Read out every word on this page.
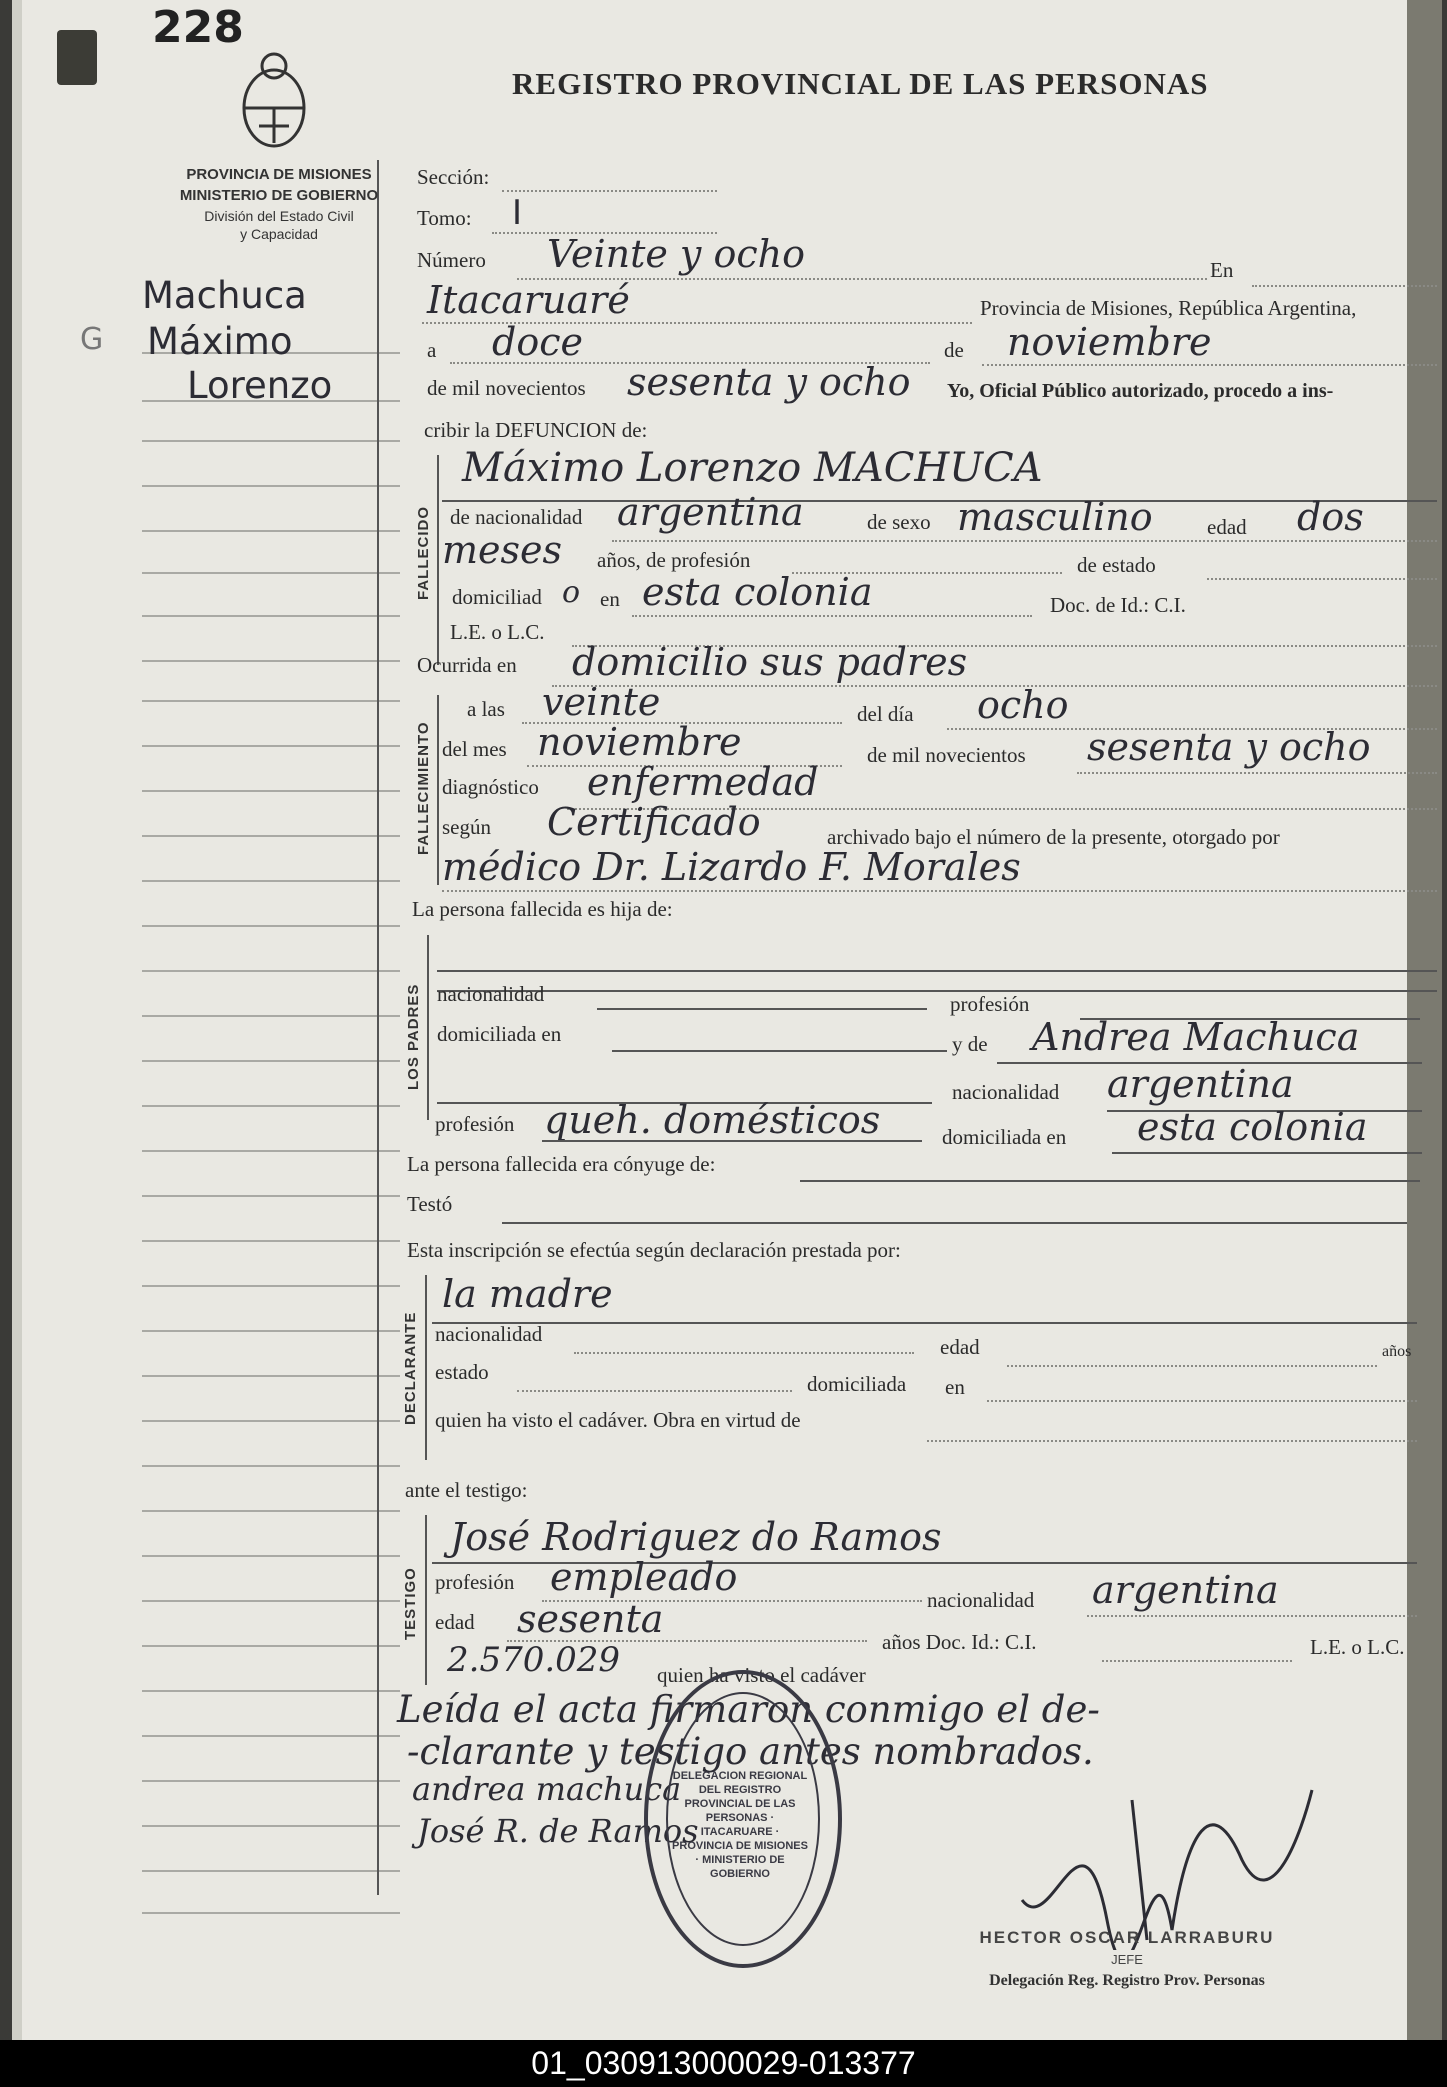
228
REGISTRO PROVINCIAL DE LAS PERSONAS
PROVINCIA DE MISIONES
MINISTERIO DE GOBIERNO
División del Estado Civil
y Capacidad
Machuca
Máximo
Lorenzo
G
Sección:
Tomo: I
Número Veinte y ocho	En
Itacaruaré	Provincia de Misiones, República Argentina,
a doce	de noviembre
de mil novecientos sesenta y ocho Yo, Oficial Público autorizado, procedo a ins-
cribir la DEFUNCION de:
FALLECIDO
Máximo Lorenzo MACHUCA
de nacionalidad argentina	de sexo masculino	edad dos
meses años, de profesión	de estado
domiciliad o en esta colonia	Doc. de Id.: C.I.
L.E. o L.C.
Ocurrida en domicilio sus padres
FALLECIMIENTO
a las veinte	del día ocho
del mes noviembre	de mil novecientos sesenta y ocho
diagnóstico enfermedad
según Certificado	archivado bajo el número de la presente, otorgado por
médico Dr. Lizardo F. Morales
La persona fallecida es hija de:
LOS PADRES nacionalidad	profesión
domiciliada en	y de Andrea Machuca
nacionalidad argentina
profesión queh. domésticos	domiciliada en esta colonia
La persona fallecida era cónyuge de:
Testó
Esta inscripción se efectúa según declaración prestada por:
DECLARANTE
la madre
nacionalidad
edad	años
estado	domiciliada en
quien ha visto el cadáver. Obra en virtud de
ante el testigo:
TESTIGO
José Rodriguez do Ramos
profesión empleado
nacionalidad argentina
edad sesenta
años Doc. Id.: C.I.	L.E. o L.C.
2.570.029 quien ha visto el cadáver
Leída el acta firmaron conmigo el de-
-clarante y testigo antes nombrados.
andrea machuca
José R. de Ramos
DELEGACION REGIONAL DEL REGISTRO PROVINCIAL DE LAS PERSONAS · ITACARUARE · PROVINCIA DE MISIONES · MINISTERIO DE GOBIERNO
HECTOR OSCAR LARRABURU
JEFE
Delegación Reg. Registro Prov. Personas
01_030913000029-013377
